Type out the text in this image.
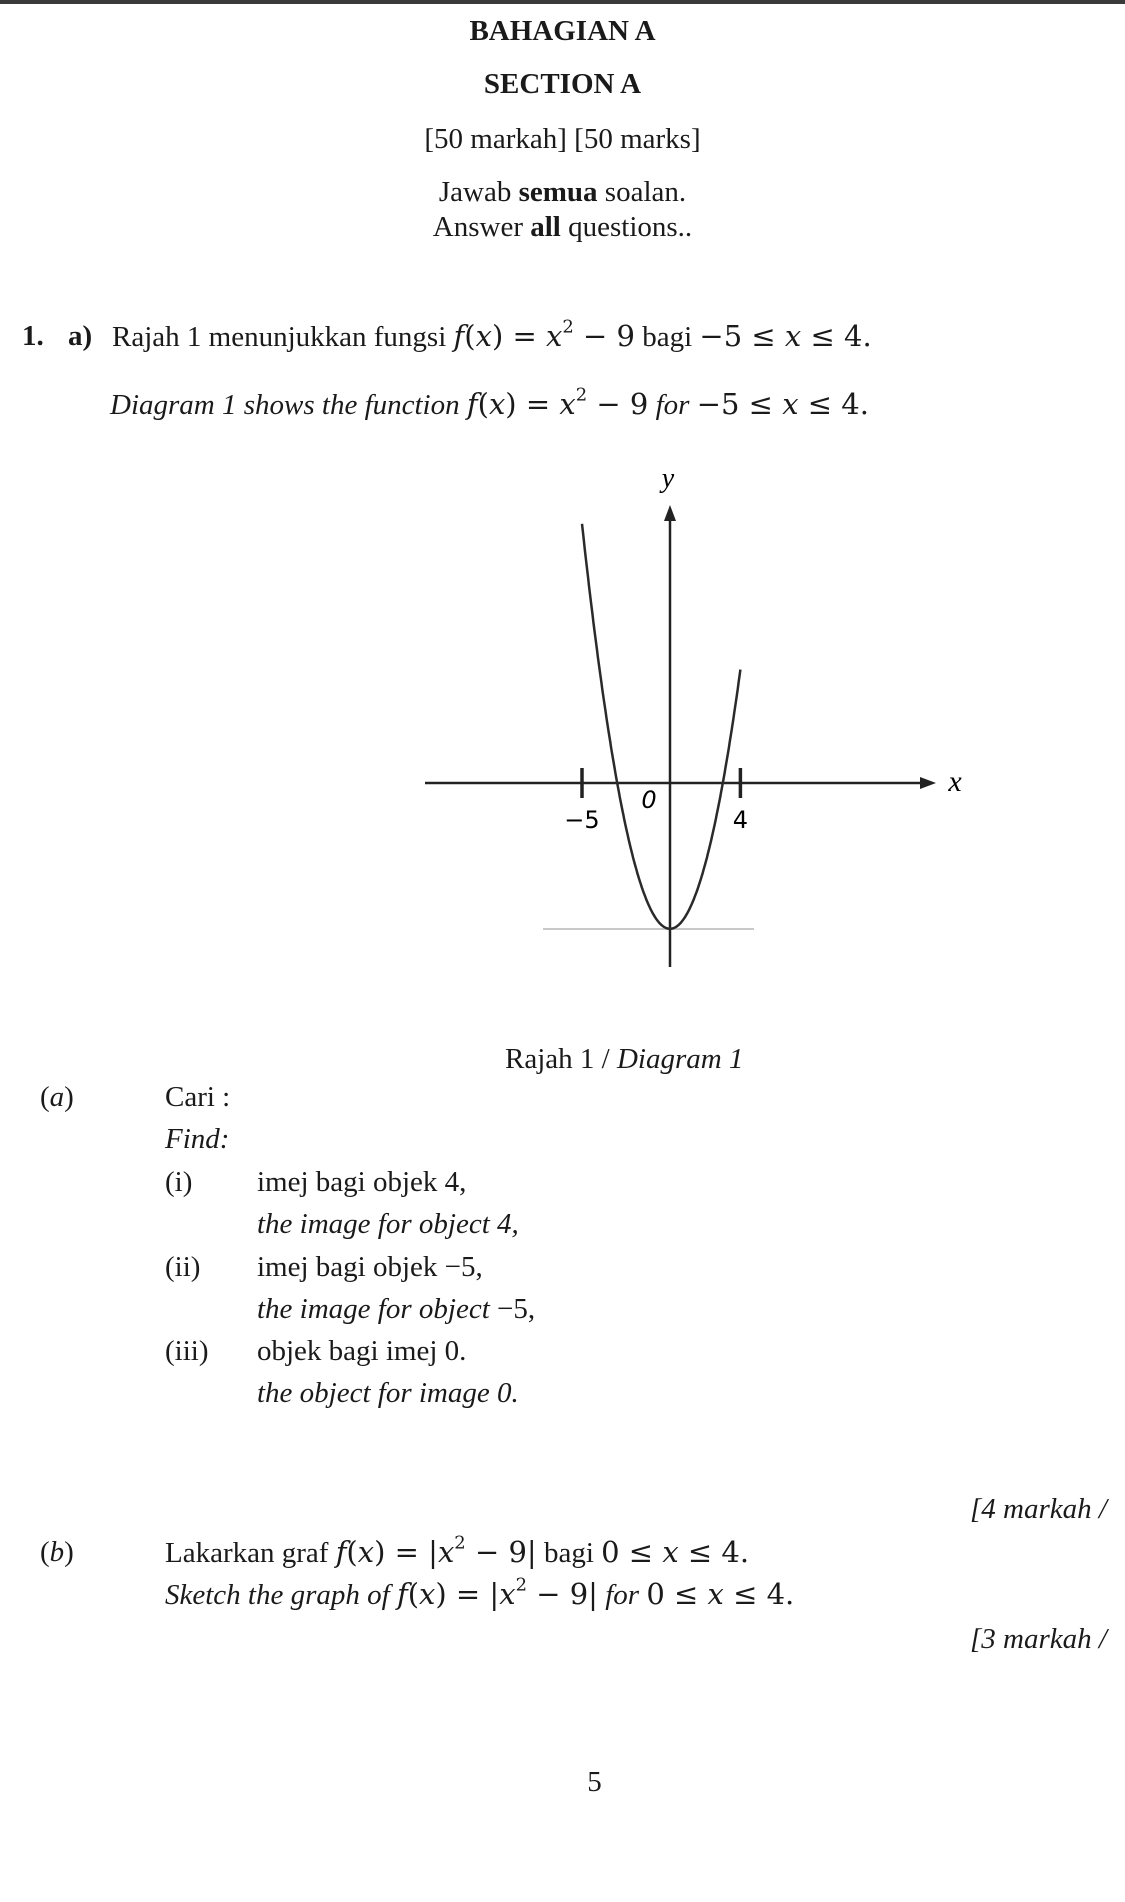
BAHAGIAN A
SECTION A
[50 markah] [50 marks]
Jawab semua soalan.
Answer all questions..
1. a) Rajah 1 menunjukkan fungsi $f(x) = x^2 - 9$ bagi −5 ≤ x ≤ 4.
Diagram 1 shows the function $f(x) = x^2 - 9$ for −5 ≤ x ≤ 4.
y
x
−5	4
0
Rajah 1 / Diagram 1
(a)	Cari :
Find:
(i) imej bagi objek 4,
the image for object 4,
(ii) imej bagi objek −5,
the image for object −5,
(iii) objek bagi imej 0.
the object for image 0.
[4 markah /
(b)	Lakarkan graf $f(x) = |x^2 - 9|$ bagi 0 ≤ x ≤ 4.
Sketch the graph of $f(x) = |x^2 - 9|$ for 0 ≤ x ≤ 4.
[3 markah /
5
